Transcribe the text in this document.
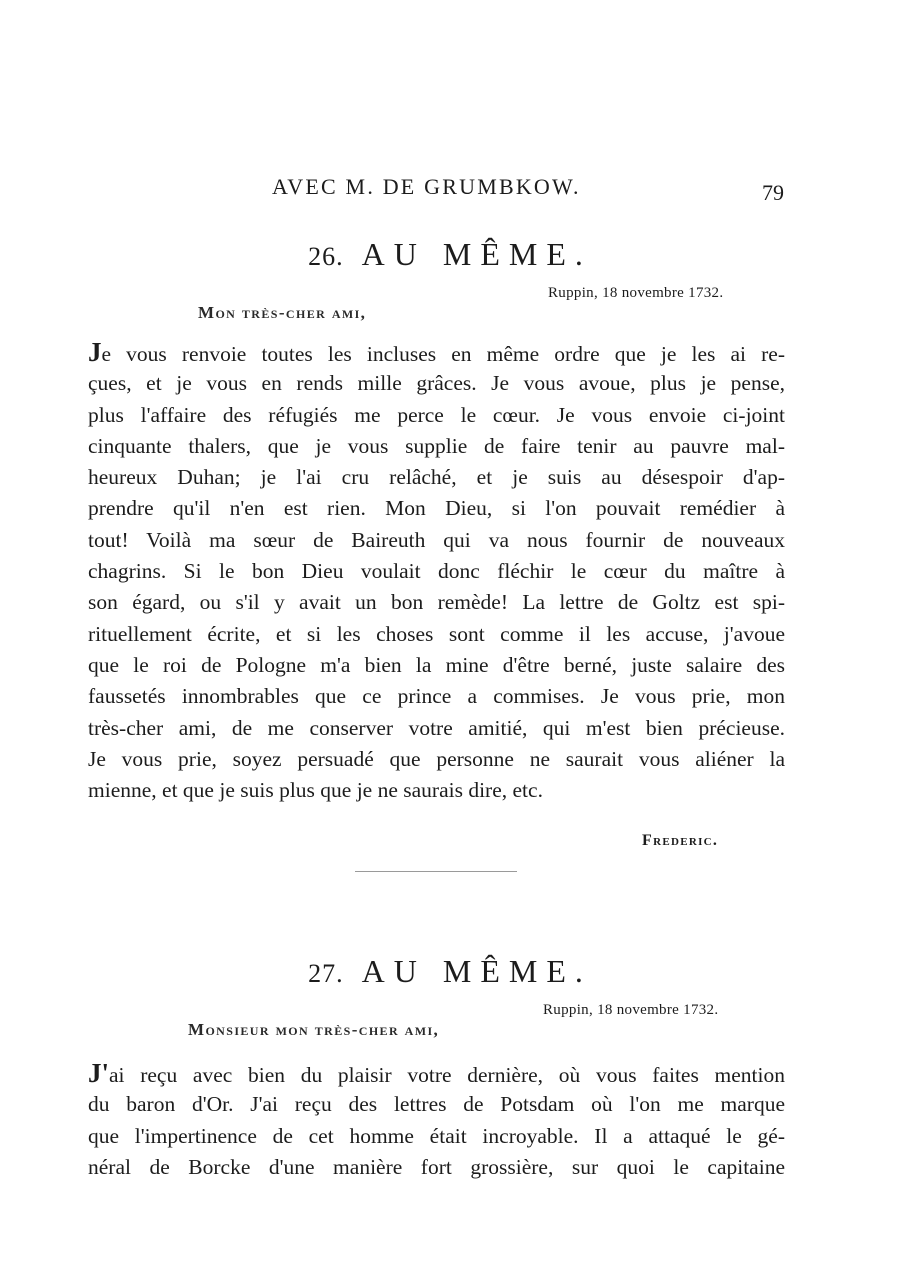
AVEC M. DE GRUMBKOW.	79
26. AU MÊME.
Ruppin, 18 novembre 1732.
Mon très-cher ami,
Je vous renvoie toutes les incluses en même ordre que je les ai re-
çues, et je vous en rends mille grâces. Je vous avoue, plus je pense,
plus l'affaire des réfugiés me perce le cœur. Je vous envoie ci-joint
cinquante thalers, que je vous supplie de faire tenir au pauvre mal-
heureux Duhan; je l'ai cru relâché, et je suis au désespoir d'ap-
prendre qu'il n'en est rien. Mon Dieu, si l'on pouvait remédier à
tout! Voilà ma sœur de Baireuth qui va nous fournir de nouveaux
chagrins. Si le bon Dieu voulait donc fléchir le cœur du maître à
son égard, ou s'il y avait un bon remède! La lettre de Goltz est spi-
rituellement écrite, et si les choses sont comme il les accuse, j'avoue
que le roi de Pologne m'a bien la mine d'être berné, juste salaire des
faussetés innombrables que ce prince a commises. Je vous prie, mon
très-cher ami, de me conserver votre amitié, qui m'est bien précieuse.
Je vous prie, soyez persuadé que personne ne saurait vous aliéner la
mienne, et que je suis plus que je ne saurais dire, etc.
Frederic.
27. AU MÊME.
Ruppin, 18 novembre 1732.
Monsieur mon très-cher ami,
J'ai reçu avec bien du plaisir votre dernière, où vous faites mention
du baron d'Or. J'ai reçu des lettres de Potsdam où l'on me marque
que l'impertinence de cet homme était incroyable. Il a attaqué le gé-
néral de Borcke d'une manière fort grossière, sur quoi le capitaine
